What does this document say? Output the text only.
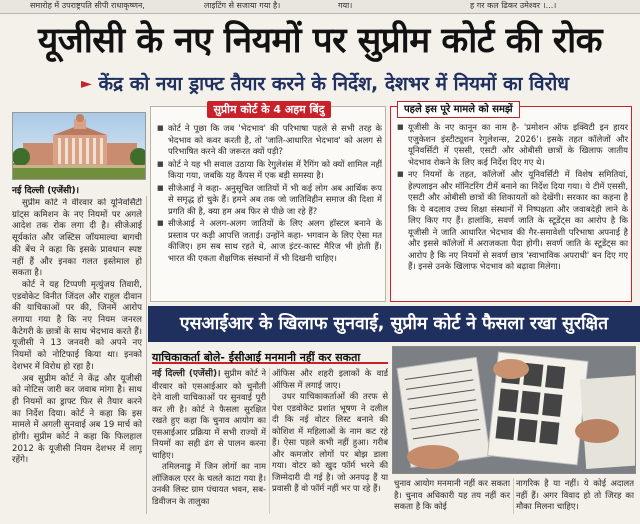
समारोह में उपराष्ट्रपति सीपी राधाकृष्णन,	लाइटिंग से सजाया गया है।	गया।	ह गर कल ढिकर उमेश्वर ।...।
यूजीसी के नए नियमों पर सुप्रीम कोर्ट की रोक
► केंद्र को नया ड्राफ्ट तैयार करने के निर्देश, देशभर में नियमों का विरोध
नई दिल्ली (एजेंसी)।

सुप्रीम कोर्ट ने वीरवार को यूनिवर्सिटी ग्रांट्स कमिशन के नए नियमों पर अगले आदेश तक रोक लगा दी है। सीजेआई सूर्यकांत और जस्टिस जॉयमाल्या बागची की बेंच ने कहा कि इसके प्रावधान स्पष्ट नहीं हैं और इनका गलत इस्तेमाल हो सकता है।

कोर्ट ने यह टिप्पणी मृत्युंजय तिवारी, एडवोकेट विनीत जिंदल और राहुल दीवान की याचिकाओं पर की, जिनमें आरोप लगाया गया है कि नए नियम जनरल कैटेगरी के छात्रों के साथ भेदभाव करते हैं। यूजीसी ने 13 जनवरी को अपने नए नियमों को नोटिफाई किया था। इनको देशभर में विरोध हो रहा है।

अब सुप्रीम कोर्ट ने केंद्र और यूजीसी को नोटिस जारी कर जवाब मांगा है। साथ ही नियमों का ड्राफ्ट फिर से तैयार करने का निर्देश दिया। कोर्ट ने कहा कि इस मामले में अगली सुनवाई अब 19 मार्च को होगी। सुप्रीम कोर्ट ने कहा कि फिलहाल 2012 के यूजीसी नियम देशभर में लागू रहेंगे।

सुप्रीम कोर्ट के 4 अहम बिंदु
■ कोर्ट ने पूछा कि जब 'भेदभाव' की परिभाषा पहले से सभी तरह के भेदभाव को कवर करती है, तो 'जाति-आधारित भेदभाव' को अलग से परिभाषित करने की जरूरत क्यों पड़ी?
■ कोर्ट ने यह भी सवाल उठाया कि रेगुलेशंस में रैगिंग को क्यों शामिल नहीं किया गया, जबकि यह कैंपस में एक बड़ी समस्या है।
■ सीजेआई ने कहा- अनुसूचित जातियों में भी कई लोग अब आर्थिक रूप से समृद्ध हो चुके हैं। हमने अब तक जो जातिविहीन समाज की दिशा में प्रगति की है, क्या हम अब फिर से पीछे जा रहे हैं?
■ सीजेआई ने अलग-अलग जातियों के लिए अलग हॉस्टल बनाने के प्रस्ताव पर कड़ी आपत्ति जताई। उन्होंने कहा- भगवान के लिए ऐसा मत कीजिए। हम सब साथ रहते थे, आज इंटर-कास्ट मैरिज भी होती हैं। भारत की एकता शैक्षणिक संस्थानों में भी दिखनी चाहिए।
पहले इस पूरे मामले को समझें
■ यूजीसी के नए कानून का नाम है- 'प्रमोशन ऑफ इक्विटी इन हायर एजुकेशन इंस्टीट्यूशन रेगुलेशन्स, 2026'। इसके तहत कॉलेजों और यूनिवर्सिटी में एससी, एसटी और ओबीसी छात्रों के खिलाफ जातीय भेदभाव रोकने के लिए कई निर्देश दिए गए थे।
■ नए नियमों के तहत, कॉलेजों और यूनिवर्सिटी में विशेष समितियां, हेल्पलाइन और मॉनिटरिंग टीमें बनाने का निर्देश दिया गया। ये टीमें एससी, एसटी और ओबीसी छात्रों की शिकायतों को देखेंगी। सरकार का कहना है कि ये बदलाव उच्च शिक्षा संस्थानों में निष्पक्षता और जवाबदेही लाने के लिए किए गए हैं। हालांकि, सवर्ण जाति के स्टूडेंट्स का आरोप है कि यूजीसी ने जाति आधारित भेदभाव की गैर-समावेशी परिभाषा अपनाई है और इससे कॉलेजों में अराजकता पैदा होगी। सवर्ण जाति के स्टूडेंट्स का आरोप है कि नए नियमों से सवर्ण छात्र 'स्वाभाविक अपराधी' बन दिए गए हैं। इनसे उनके खिलाफ भेदभाव को बढ़ावा मिलेगा।
एसआईआर के खिलाफ सुनवाई, सुप्रीम कोर्ट ने फैसला रखा सुरक्षित
याचिकाकर्ता बोले- ईसीआई मनमानी नहीं कर सकता
नई दिल्ली (एजेंसी)। सुप्रीम कोर्ट ने वीरवार को एसआईआर को चुनौती देने वाली याचिकाओं पर सुनवाई पूरी कर ली है। कोर्ट ने फैसला सुरक्षित रखते हुए कहा कि चुनाव आयोग का एसआईआर प्रक्रिया में सभी राज्यों में नियमों का सही ढंग से पालन करना चाहिए।

तमिलनाडु में जिन लोगों का नाम लॉजिकल एरर के चलते काटा गया है। उनकी लिस्ट ग्राम पंचायत भवन, सब-डिवीजन के तालुका

ऑफिस और शहरी इलाकों के वार्ड ऑफिस में लगाई जाए।

उधर याचिकाकर्ताओं की तरफ से पेश एडवोकेट प्रशांत भूषण ने दलील दी कि नई वोटर लिस्ट बनाने की कोशिश में महिलाओं के नाम कट रहे हैं। ऐसा पहले कभी नहीं हुआ। गरीब और कमजोर लोगों पर बोझ डाला गया। वोटर को खुद फॉर्म भरने की जिम्मेदारी दी गई है। जो अनपढ़ हैं या प्रवासी हैं वो फॉर्म नहीं भर पा रहे हैं।	चुनाव आयोग मनमानी नहीं कर सकता है। चुनाव अधिकारी यह तय नहीं कर सकता है कि कोई

नागरिक है या नहीं। ये कोई अदालत नहीं हैं। अगर विवाद हो तो जिरह का मौका मिलना चाहिए।
